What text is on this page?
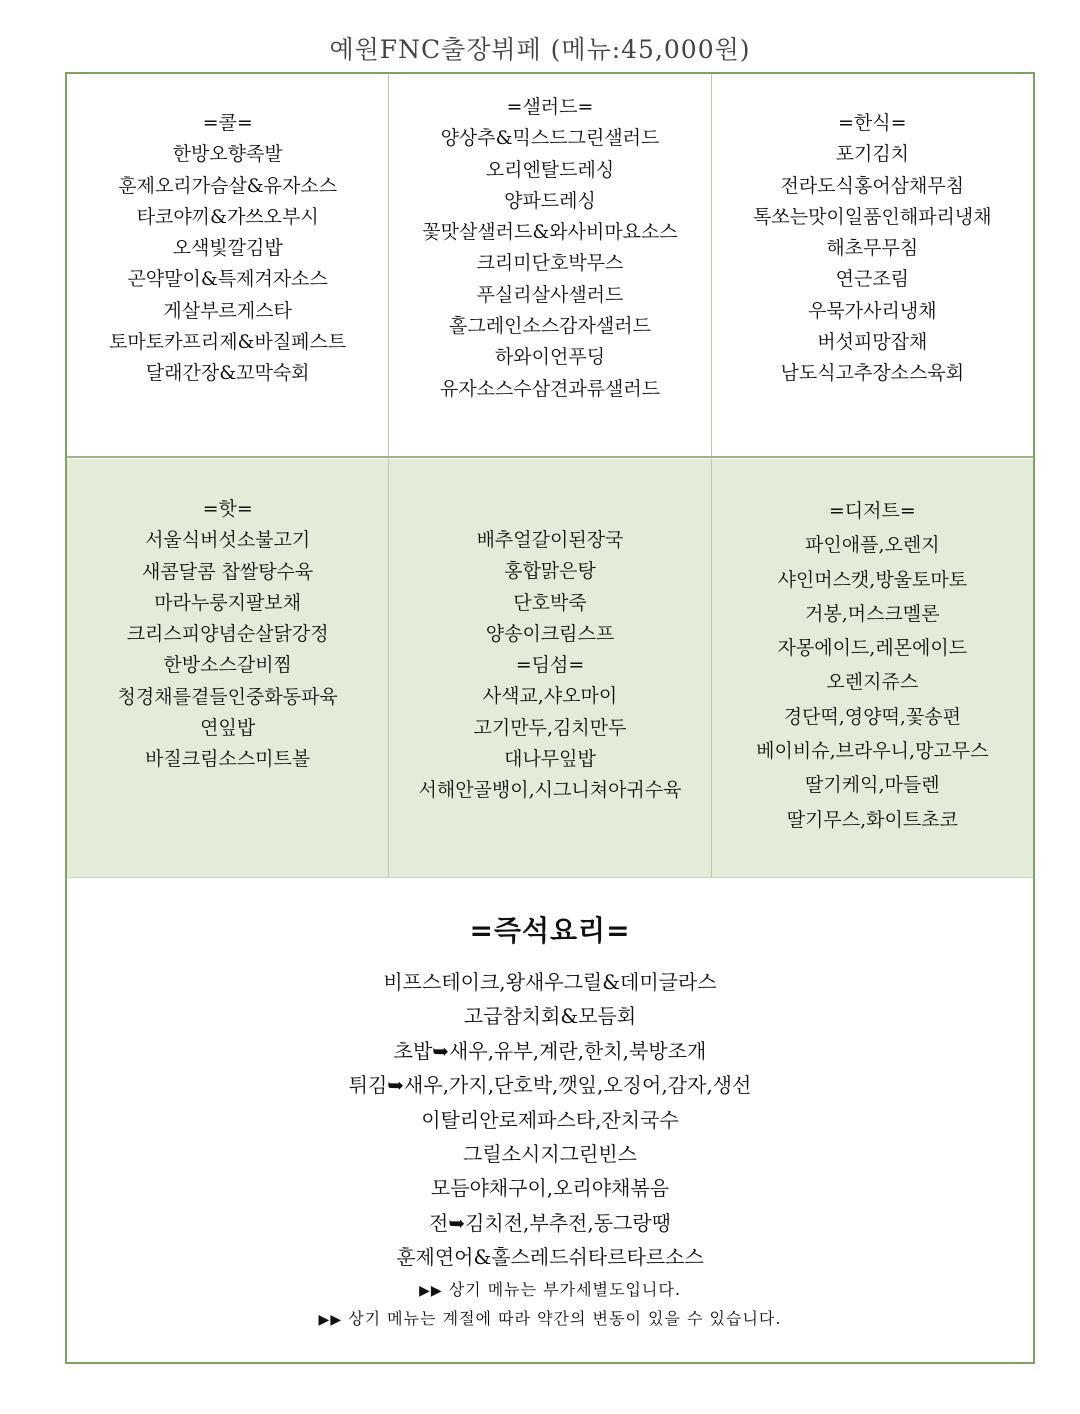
예원FNC출장뷔페 (메뉴:45,000원)
=콜=
한방오향족발
훈제오리가슴살&유자소스
타코야끼&가쓰오부시
오색빛깔김밥
곤약말이&특제겨자소스
게살부르게스타
토마토카프리제&바질페스트
달래간장&꼬막숙회
=샐러드=
양상추&믹스드그린샐러드
오리엔탈드레싱
양파드레싱
꽃맛살샐러드&와사비마요소스
크리미단호박무스
푸실리살사샐러드
홀그레인소스감자샐러드
하와이언푸딩
유자소스수삼견과류샐러드
=한식=
포기김치
전라도식홍어삼채무침
톡쏘는맛이일품인해파리냉채
해초무무침
연근조림
우묵가사리냉채
버섯피망잡채
남도식고추장소스육회
=핫=
서울식버섯소불고기
새콤달콤 찹쌀탕수육
마라누룽지팔보채
크리스피양념순살닭강정
한방소스갈비찜
청경채를곁들인중화동파육
연잎밥
바질크림소스미트볼
배추얼갈이된장국
홍합맑은탕
단호박죽
양송이크림스프
=딤섬=
사색교,샤오마이
고기만두,김치만두
대나무잎밥
서해안골뱅이,시그니쳐아귀수육
=디저트=
파인애플,오렌지
샤인머스캣,방울토마토
거봉,머스크멜론
자몽에이드,레몬에이드
오렌지쥬스
경단떡,영양떡,꽃송편
베이비슈,브라우니,망고무스
딸기케익,마들렌
딸기무스,화이트초코
=즉석요리=
비프스테이크,왕새우그릴&데미글라스
고급참치회&모듬회
초밥➥새우,유부,계란,한치,북방조개
튀김➥새우,가지,단호박,깻잎,오징어,감자,생선
이탈리안로제파스타,잔치국수
그릴소시지그린빈스
모듬야채구이,오리야채볶음
전➥김치전,부추전,동그랑땡
훈제연어&홀스레드쉬타르타르소스
▶▶ 상기 메뉴는 부가세별도입니다.
▶▶ 상기 메뉴는 계절에 따라 약간의 변동이 있을 수 있습니다.
